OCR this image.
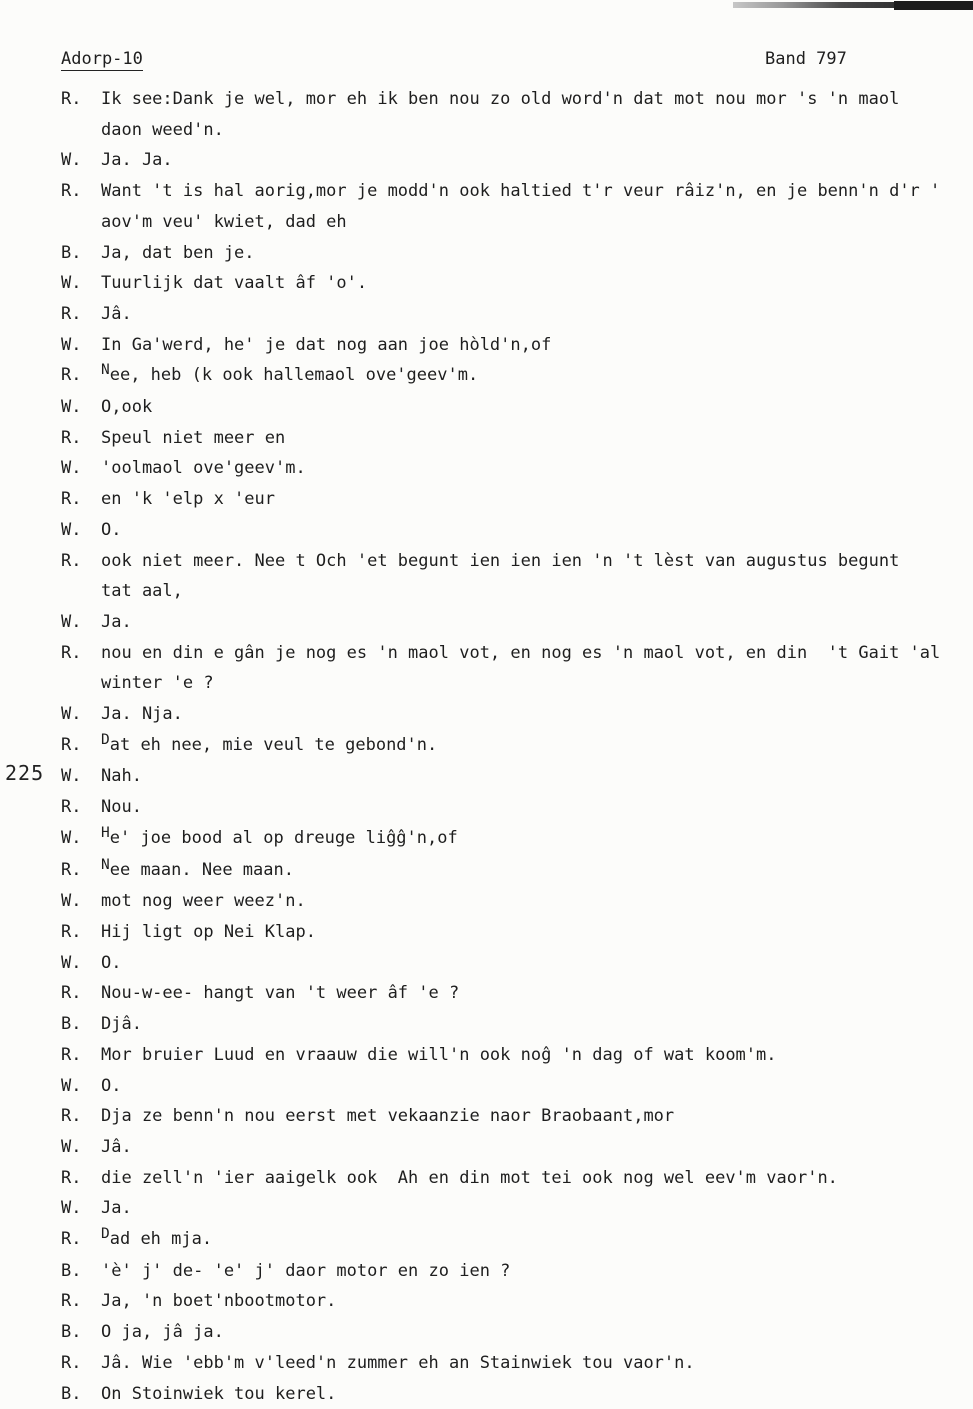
Adorp-10	Band 797
225
R.	Ik see:Dank je wel, mor eh ik ben nou zo old word'n dat mot nou mor 's 'n maol
daon weed'n.
W.	Ja. Ja.
R.	Want 't is hal aorig,mor je modd'n ook haltied t'r veur râiz'n, en je benn'n d'r '
aov'm veu' kwiet, dad eh
B.	Ja, dat ben je.
W.	Tuurlijk dat vaalt âf 'o'.
R.	Jâ.
W.	In Ga'werd, he' je dat nog aan joe hòld'n,of
R.	Nee, heb (k ook hallemaol ove'geev'm.
W.	O,ook
R.	Speul niet meer en
W.	'oolmaol ove'geev'm.
R.	en 'k 'elp x 'eur
W.	O.
R.	ook niet meer. Nee t Och 'et begunt ien ien ien 'n 't lèst van augustus begunt
tat aal,
W.	Ja.
R.	nou en din e gân je nog es 'n maol vot, en nog es 'n maol vot, en din  't Gait 'al
winter 'e ?
W.	Ja. Nja.
R.	Dat eh nee, mie veul te gebond'n.
W.	Nah.
R.	Nou.
W.	He' joe bood al op dreuge liĝĝ'n,of
R.	Nee maan. Nee maan.
W.	mot nog weer weez'n.
R.	Hij ligt op Nei Klap.
W.	O.
R.	Nou-w-ee- hangt van 't weer âf 'e ?
B.	Djâ.
R.	Mor bruier Luud en vraauw die will'n ook noĝ 'n dag of wat koom'm.
W.	O.
R.	Dja ze benn'n nou eerst met vekaanzie naor Braobaant,mor
W.	Jâ.
R.	die zell'n 'ier aaigelk ook  Ah en din mot tei ook nog wel eev'm vaor'n.
W.	Ja.
R.	Dad eh mja.
B.	'è' j' de- 'e' j' daor motor en zo ien ?
R.	Ja, 'n boet'nbootmotor.
B.	O ja, jâ ja.
R.	Jâ. Wie 'ebb'm v'leed'n zummer eh an Stainwiek tou vaor'n.
B.	On Stoinwiek tou kerel.
